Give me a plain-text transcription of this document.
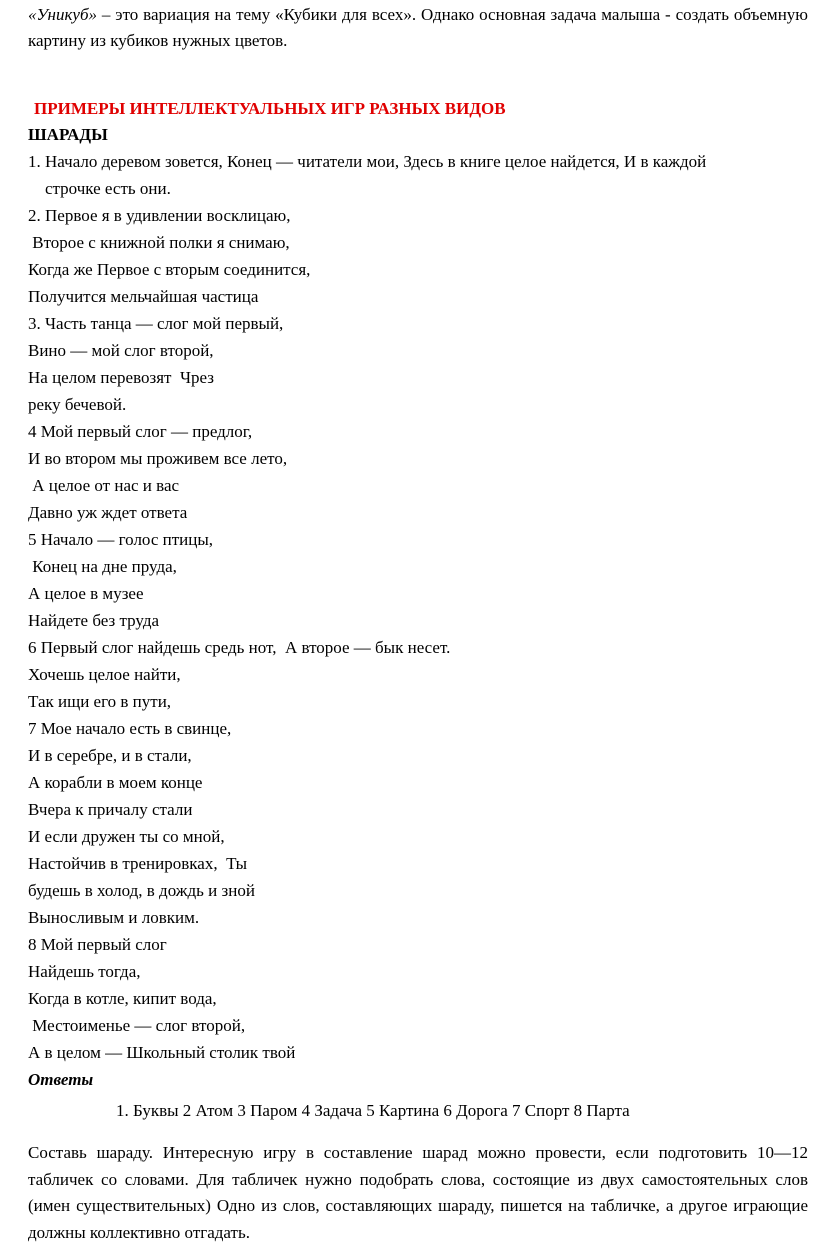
«Уникуб» – это вариация на тему «Кубики для всех». Однако основная задача малыша - создать объемную картину из кубиков нужных цветов.

ПРИМЕРЫ ИНТЕЛЛЕКТУАЛЬНЫХ ИГР РАЗНЫХ ВИДОВ

ШАРАДЫ

1. Начало деревом зовется, Конец — читатели мои, Здесь в книге целое найдется, И в каждой
строчке есть они.

2. Первое я в удивлении восклицаю,

Второе с книжной полки я снимаю,

Когда же Первое с вторым соединится,

Получится мельчайшая частица

3. Часть танца — слог мой первый,

Вино — мой слог второй,

На целом перевозят  Чрез

реку бечевой.

4 Мой первый слог — предлог,

И во втором мы проживем все лето,

А целое от нас и вас

Давно уж ждет ответа

5 Начало — голос птицы,

Конец на дне пруда,

А целое в музее

Найдете без труда

6 Первый слог найдешь средь нот,  А второе — бык несет.

Хочешь целое найти,

Так ищи его в пути,

7 Мое начало есть в свинце,

И в серебре, и в стали,

А корабли в моем конце

Вчера к причалу стали

И если дружен ты со мной,

Настойчив в тренировках,  Ты

будешь в холод, в дождь и зной

Выносливым и ловким.

8 Мой первый слог

Найдешь тогда,

Когда в котле, кипит вода,

Местоименье — слог второй,

А в целом — Школьный столик твой

Ответы

1. Буквы 2 Атом 3 Паром 4 Задача 5 Картина 6 Дорога 7 Спорт 8 Парта

Составь шараду. Интересную игру в составление шарад можно провести, если подготовить 10—12 табличек со словами. Для табличек нужно подобрать слова, состоящие из двух самостоятельных слов (имен существительных) Одно из слов, составляющих шараду, пишется на табличке, а другое играющие должны коллективно отгадать.
